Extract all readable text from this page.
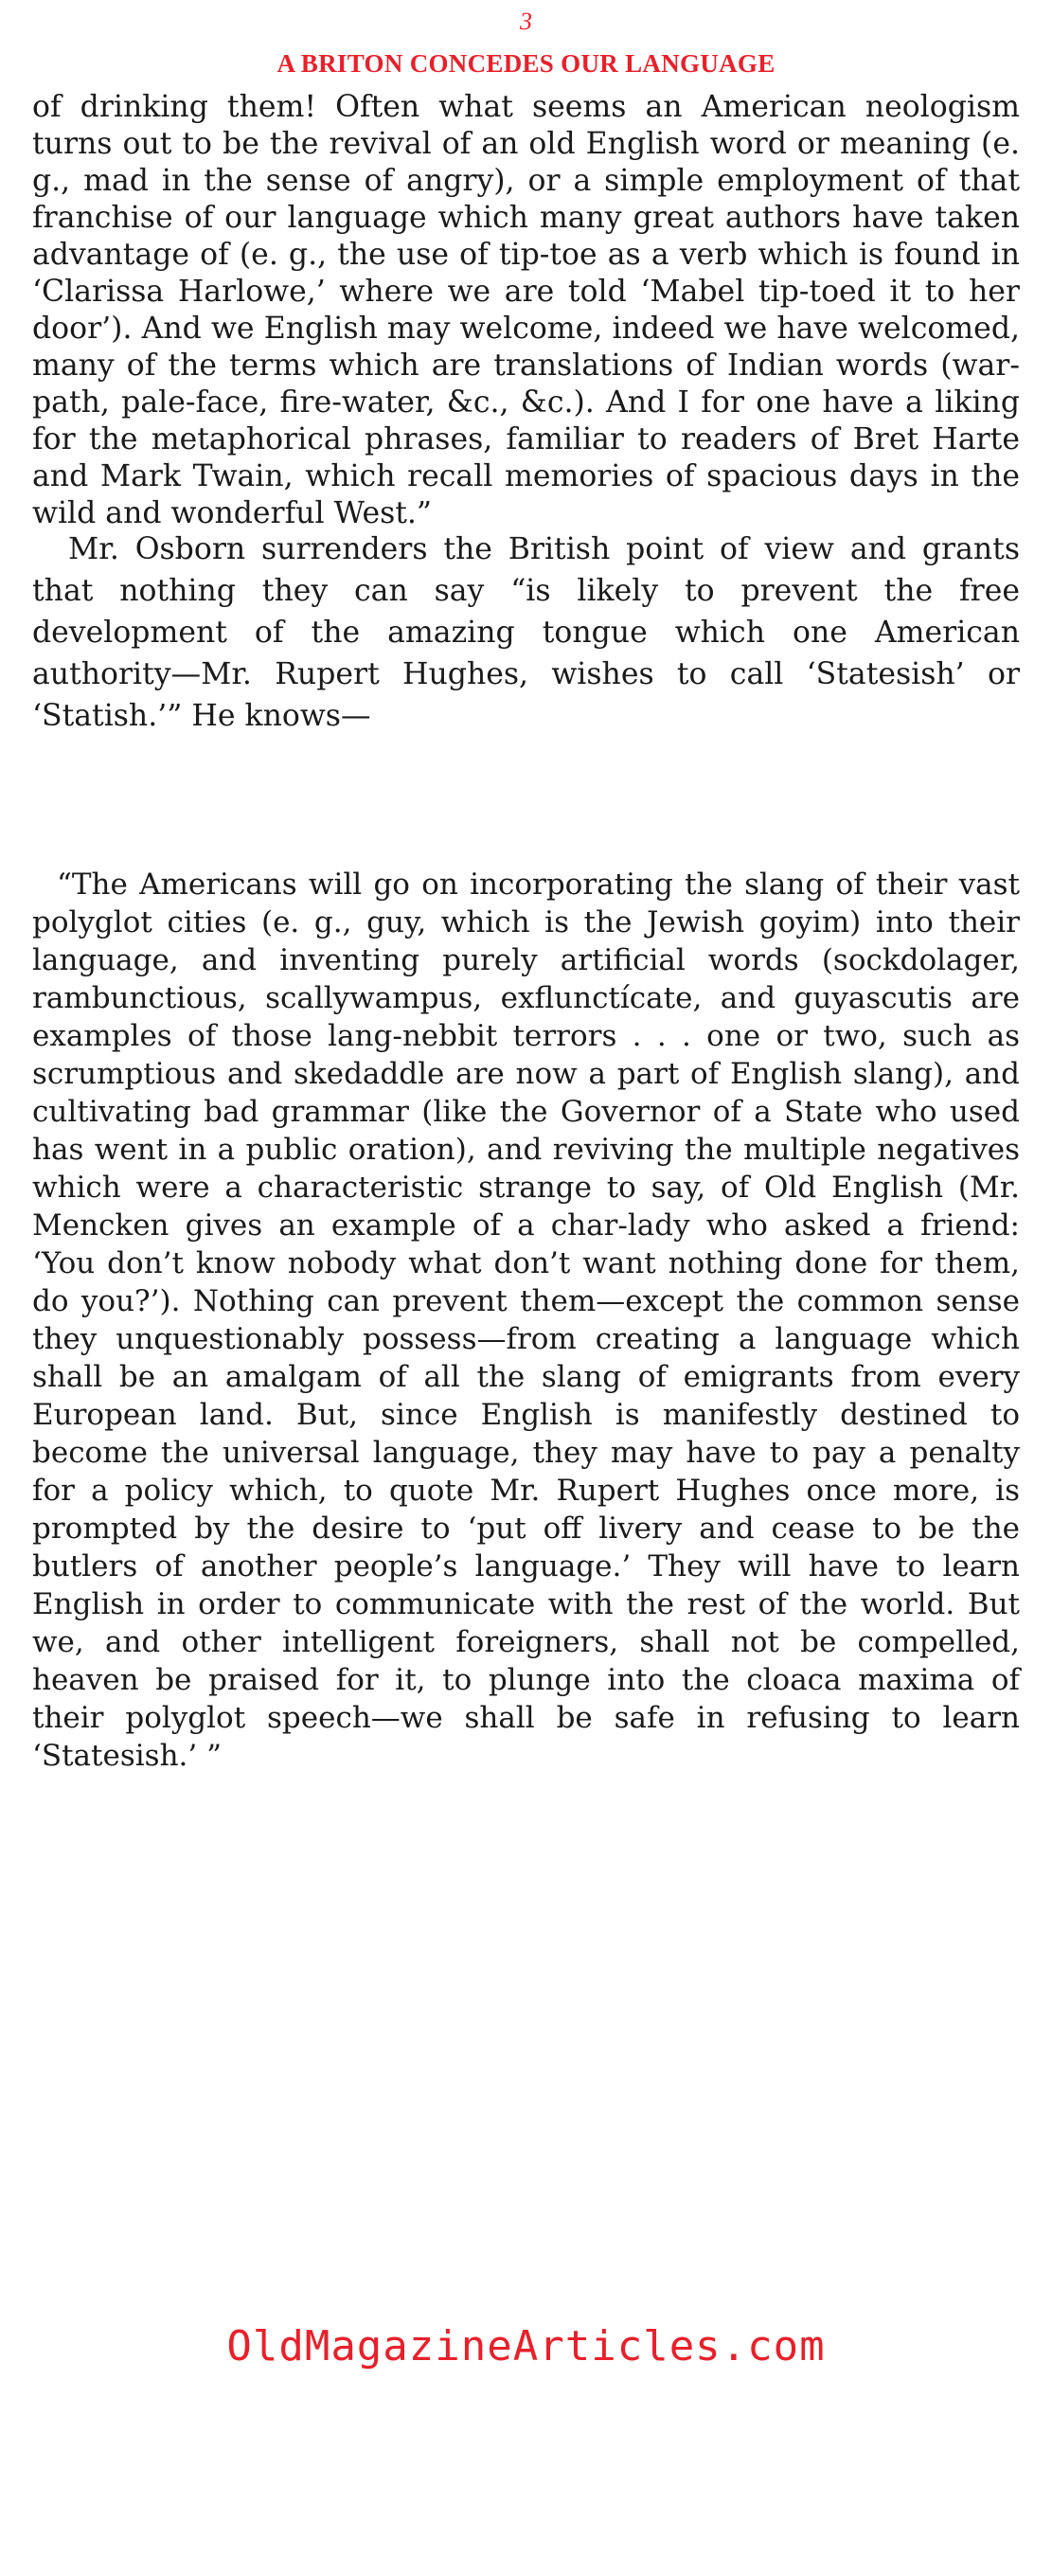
3
A BRITON CONCEDES OUR LANGUAGE

of drinking them! Often what seems an American neologism turns out to be the revival of an old English word or meaning (e. g., mad in the sense of angry), or a simple employment of that franchise of our language which many great authors have taken advantage of (e. g., the use of tip-toe as a verb which is found in ‘Clarissa Harlowe,’ where we are told ‘Mabel tip-toed it to her door’). And we English may welcome, indeed we have welcomed, many of the terms which are translations of Indian words (war-path, pale-face, fire-water, &c., &c.). And I for one have a liking for the metaphorical phrases, familiar to readers of Bret Harte and Mark Twain, which recall memories of spacious days in the wild and wonderful West.”

Mr. Osborn surrenders the British point of view and grants that nothing they can say “is likely to prevent the free development of the amazing tongue which one American authority—Mr. Rupert Hughes, wishes to call ‘Statesish’ or ‘Statish.’” He knows—

“The Americans will go on incorporating the slang of their vast polyglot cities (e. g., guy, which is the Jewish goyim) into their language, and inventing purely artificial words (sockdolager, rambunctious, scallywampus, exflunctícate, and guyascutis are examples of those lang-nebbit terrors . . . one or two, such as scrumptious and skedaddle are now a part of English slang), and cultivating bad grammar (like the Governor of a State who used has went in a public oration), and reviving the multiple negatives which were a characteristic strange to say, of Old English (Mr. Mencken gives an example of a char-lady who asked a friend: ‘You don’t know nobody what don’t want nothing done for them, do you?’). Nothing can prevent them—except the common sense they unquestionably possess—from creating a language which shall be an amalgam of all the slang of emigrants from every European land. But, since English is manifestly destined to become the universal language, they may have to pay a penalty for a policy which, to quote Mr. Rupert Hughes once more, is prompted by the desire to ‘put off livery and cease to be the butlers of another people’s language.’ They will have to learn English in order to communicate with the rest of the world. But we, and other intelligent foreigners, shall not be compelled, heaven be praised for it, to plunge into the cloaca maxima of their polyglot speech—we shall be safe in refusing to learn ‘Statesish.’ ”

OldMagazineArticles.com
